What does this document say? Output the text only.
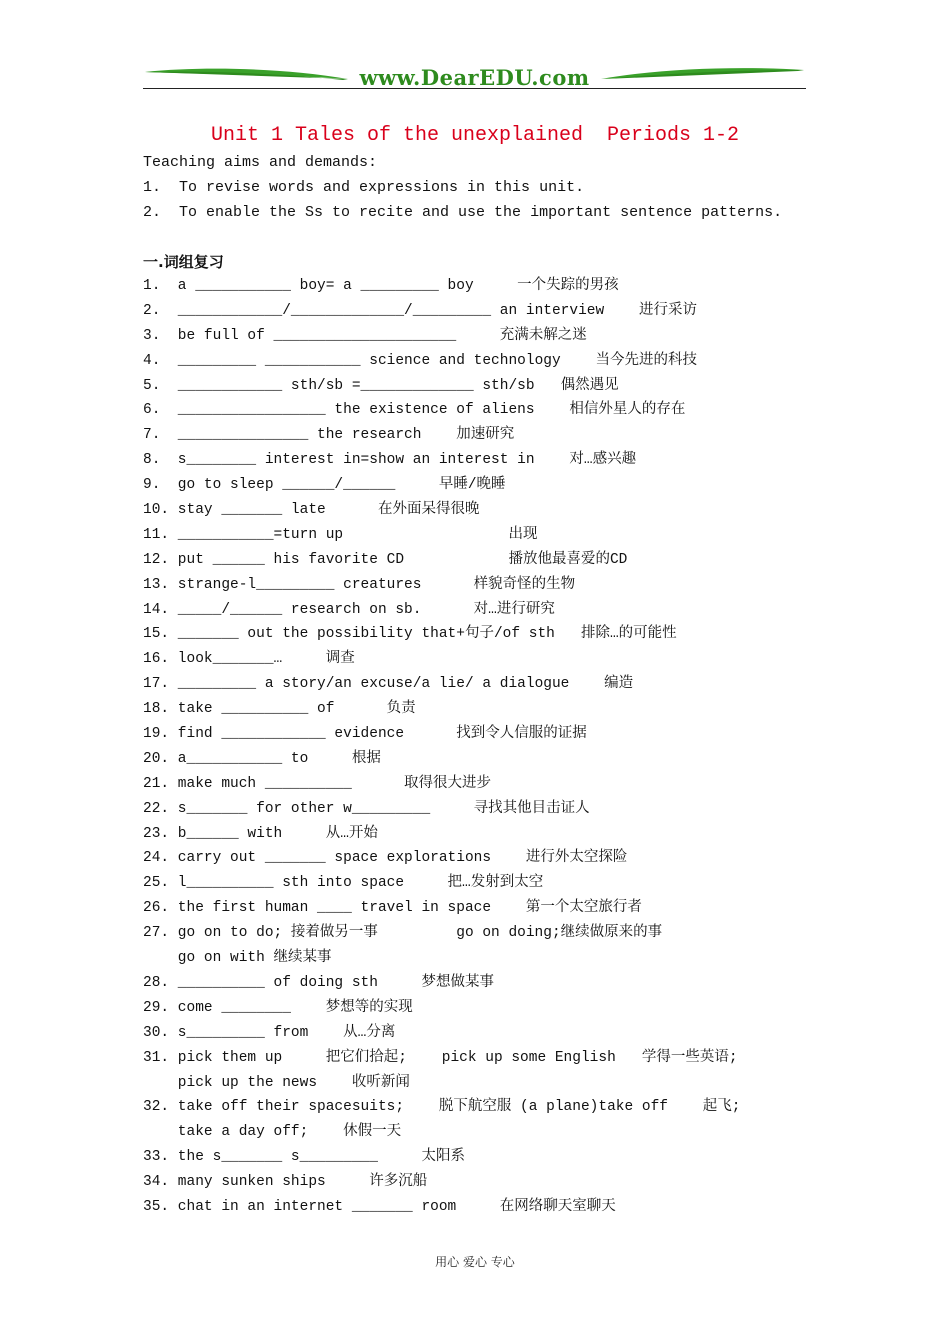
www.DearEDU.com
Unit 1 Tales of the unexplained  Periods 1-2
Teaching aims and demands:
1.  To revise words and expressions in this unit.
2.  To enable the Ss to recite and use the important sentence patterns.
一.词组复习
1.  a ___________ boy= a _________ boy     一个失踪的男孩
2.  ____________/_____________/_________ an interview    进行采访
3.  be full of _____________________     充满未解之迷
4.  _________ ___________ science and technology    当今先进的科技
5.  ____________ sth/sb =_____________ sth/sb   偶然遇见
6.  _________________ the existence of aliens    相信外星人的存在
7.  _______________ the research    加速研究
8.  s________ interest in=show an interest in    对…感兴趣
9.  go to sleep ______/______     早睡/晚睡
10. stay _______ late      在外面呆得很晚
11. ___________=turn up                   出现
12. put ______ his favorite CD            播放他最喜爱的CD
13. strange-l_________ creatures      样貌奇怪的生物
14. _____/______ research on sb.      对…进行研究
15. _______ out the possibility that+句子/of sth   排除…的可能性
16. look_______…     调查
17. _________ a story/an excuse/a lie/ a dialogue    编造
18. take __________ of      负责
19. find ____________ evidence      找到令人信服的证据
20. a___________ to     根据
21. make much __________      取得很大进步
22. s_______ for other w_________     寻找其他目击证人
23. b______ with     从…开始
24. carry out _______ space explorations    进行外太空探险
25. l__________ sth into space     把…发射到太空
26. the first human ____ travel in space    第一个太空旅行者
27. go on to do; 接着做另一事         go on doing;继续做原来的事
go on with 继续某事
28. __________ of doing sth     梦想做某事
29. come ________    梦想等的实现
30. s_________ from    从…分离
31. pick them up     把它们拾起;    pick up some English   学得一些英语;
pick up the news    收听新闻
32. take off their spacesuits;    脱下航空服 (a plane)take off    起飞;
take a day off;    休假一天
33. the s_______ s_________     太阳系
34. many sunken ships     许多沉船
35. chat in an internet _______ room     在网络聊天室聊天
用心 爱心 专心
